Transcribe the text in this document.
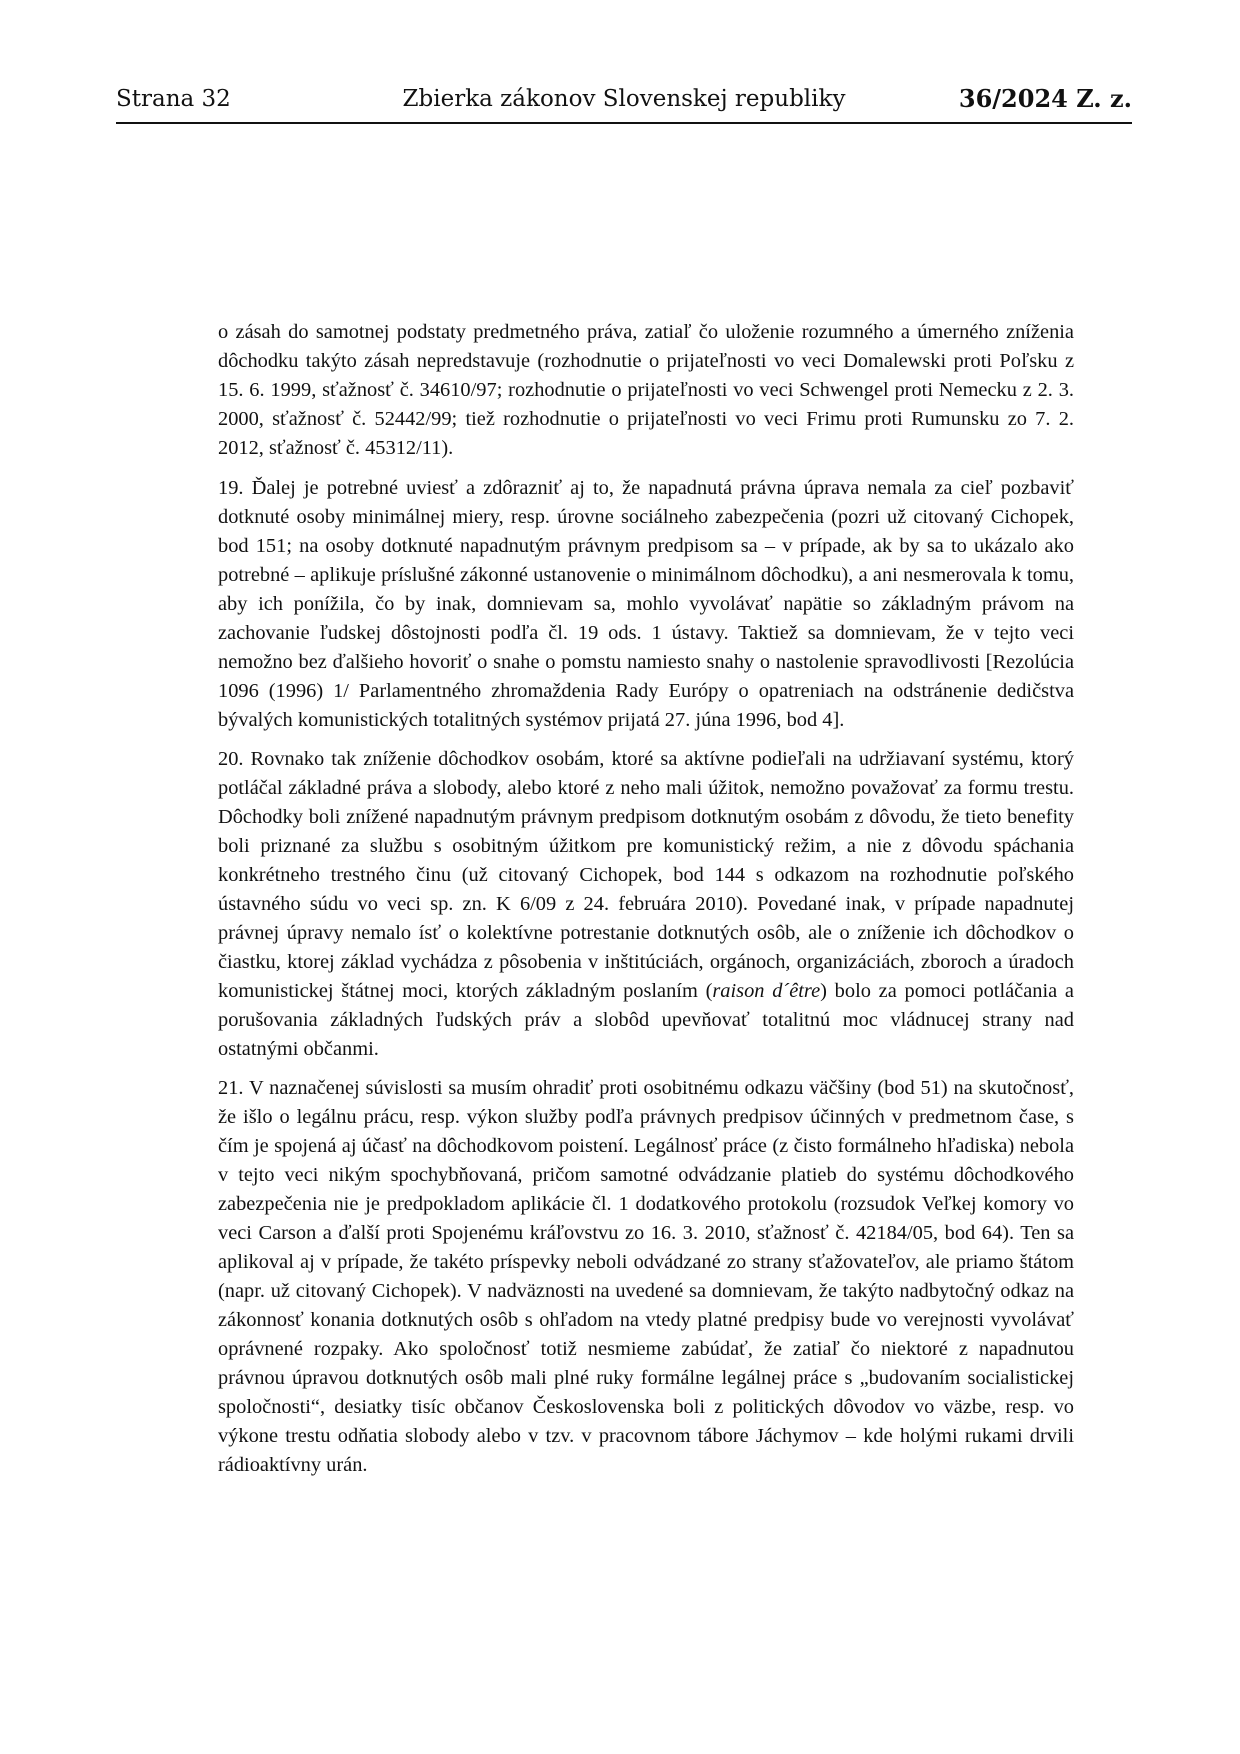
Strana 32	Zbierka zákonov Slovenskej republiky	36/2024 Z. z.

o zásah do samotnej podstaty predmetného práva, zatiaľ čo uloženie rozumného a úmerného zníženia dôchodku takýto zásah nepredstavuje (rozhodnutie o prijateľnosti vo veci Domalewski proti Poľsku z 15. 6. 1999, sťažnosť č. 34610/97; rozhodnutie o prijateľnosti vo veci Schwengel proti Nemecku z 2. 3. 2000, sťažnosť č. 52442/99; tiež rozhodnutie o prijateľnosti vo veci Frimu proti Rumunsku zo 7. 2. 2012, sťažnosť č. 45312/11).

19. Ďalej je potrebné uviesť a zdôrazniť aj to, že napadnutá právna úprava nemala za cieľ pozbaviť dotknuté osoby minimálnej miery, resp. úrovne sociálneho zabezpečenia (pozri už citovaný Cichopek, bod 151; na osoby dotknuté napadnutým právnym predpisom sa – v prípade, ak by sa to ukázalo ako potrebné – aplikuje príslušné zákonné ustanovenie o minimálnom dôchodku), a ani nesmerovala k tomu, aby ich ponížila, čo by inak, domnievam sa, mohlo vyvolávať napätie so základným právom na zachovanie ľudskej dôstojnosti podľa čl. 19 ods. 1 ústavy. Taktiež sa domnievam, že v tejto veci nemožno bez ďalšieho hovoriť o snahe o pomstu namiesto snahy o nastolenie spravodlivosti [Rezolúcia 1096 (1996) 1/ Parlamentného zhromaždenia Rady Európy o opatreniach na odstránenie dedičstva bývalých komunistických totalitných systémov prijatá 27. júna 1996, bod 4].

20. Rovnako tak zníženie dôchodkov osobám, ktoré sa aktívne podieľali na udržiavaní systému, ktorý potláčal základné práva a slobody, alebo ktoré z neho mali úžitok, nemožno považovať za formu trestu. Dôchodky boli znížené napadnutým právnym predpisom dotknutým osobám z dôvodu, že tieto benefity boli priznané za službu s osobitným úžitkom pre komunistický režim, a nie z dôvodu spáchania konkrétneho trestného činu (už citovaný Cichopek, bod 144 s odkazom na rozhodnutie poľského ústavného súdu vo veci sp. zn. K 6/09 z 24. februára 2010). Povedané inak, v prípade napadnutej právnej úpravy nemalo ísť o kolektívne potrestanie dotknutých osôb, ale o zníženie ich dôchodkov o čiastku, ktorej základ vychádza z pôsobenia v inštitúciách, orgánoch, organizáciách, zboroch a úradoch komunistickej štátnej moci, ktorých základným poslaním (raison d´être) bolo za pomoci potláčania a porušovania základných ľudských práv a slobôd upevňovať totalitnú moc vládnucej strany nad ostatnými občanmi.

21. V naznačenej súvislosti sa musím ohradiť proti osobitnému odkazu väčšiny (bod 51) na skutočnosť, že išlo o legálnu prácu, resp. výkon služby podľa právnych predpisov účinných v predmetnom čase, s čím je spojená aj účasť na dôchodkovom poistení. Legálnosť práce (z čisto formálneho hľadiska) nebola v tejto veci nikým spochybňovaná, pričom samotné odvádzanie platieb do systému dôchodkového zabezpečenia nie je predpokladom aplikácie čl. 1 dodatkového protokolu (rozsudok Veľkej komory vo veci Carson a ďalší proti Spojenému kráľovstvu zo 16. 3. 2010, sťažnosť č. 42184/05, bod 64). Ten sa aplikoval aj v prípade, že takéto príspevky neboli odvádzané zo strany sťažovateľov, ale priamo štátom (napr. už citovaný Cichopek). V nadväznosti na uvedené sa domnievam, že takýto nadbytočný odkaz na zákonnosť konania dotknutých osôb s ohľadom na vtedy platné predpisy bude vo verejnosti vyvolávať oprávnené rozpaky. Ako spoločnosť totiž nesmieme zabúdať, že zatiaľ čo niektoré z napadnutou právnou úpravou dotknutých osôb mali plné ruky formálne legálnej práce s „budovaním socialistickej spoločnosti“, desiatky tisíc občanov Československa boli z politických dôvodov vo väzbe, resp. vo výkone trestu odňatia slobody alebo v tzv. v pracovnom tábore Jáchymov – kde holými rukami drvili rádioaktívny urán.
